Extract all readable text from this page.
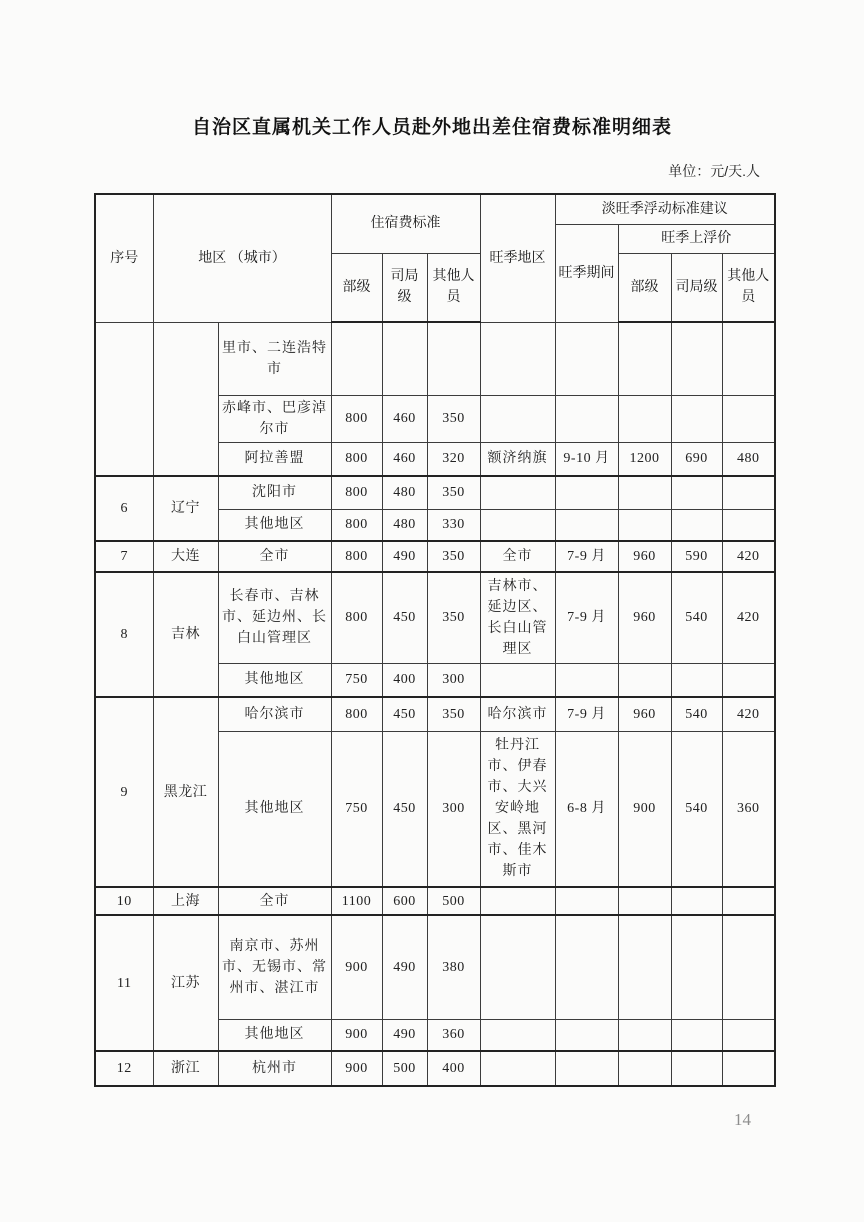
自治区直属机关工作人员赴外地出差住宿费标准明细表
单位：元/天.人
序号	地区 （城市）		住宿费标准			旺季地区	淡旺季浮动标准建议			
							旺季期间	旺季上浮价		
			部级	司局级	其他人员			部级	司局级	其他人员
		里市、二连浩特市								
		赤峰市、巴彦淖尔市	800	460	350					
		阿拉善盟	800	460	320	额济纳旗	9-10 月	1200	690	480
6	辽宁	沈阳市	800	480	350					
		其他地区	800	480	330					
7	大连	全市	800	490	350	全市	7-9 月	960	590	420
8	吉林	长春市、吉林市、延边州、长白山管理区	800	450	350	吉林市、延边区、长白山管理区	7-9 月	960	540	420
		其他地区	750	400	300					
9	黑龙江	哈尔滨市	800	450	350	哈尔滨市	7-9 月	960	540	420
		其他地区	750	450	300	牡丹江市、伊春市、大兴安岭地区、黑河市、佳木斯市	6-8 月	900	540	360
10	上海	全市	1100	600	500					
11	江苏	南京市、苏州市、无锡市、常州市、湛江市	900	490	380					
		其他地区	900	490	360					
12	浙江	杭州市	900	500	400					
14
